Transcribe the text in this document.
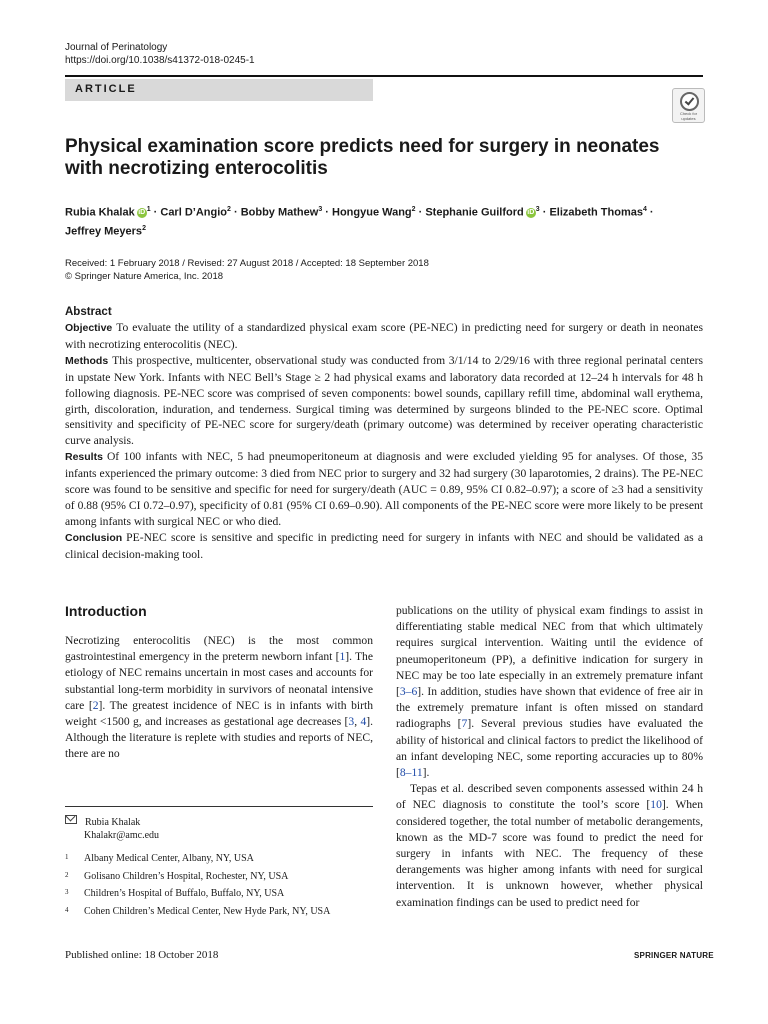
Journal of Perinatology
https://doi.org/10.1038/s41372-018-0245-1
ARTICLE
Check for updates
Physical examination score predicts need for surgery in neonates
with necrotizing enterocolitis
Rubia Khalak iD $^1$ · Carl D’Angio$^2$ · Bobby Mathew$^3$ · Hongyue Wang$^2$ · Stephanie Guilford iD $^3$ · Elizabeth Thomas$^4$ ·
Jeffrey Meyers$^2$
Received: 1 February 2018 / Revised: 27 August 2018 / Accepted: 18 September 2018
© Springer Nature America, Inc. 2018
Abstract

Objective To evaluate the utility of a standardized physical exam score (PE-NEC) in predicting need for surgery or death in neonates with necrotizing enterocolitis (NEC).

Methods This prospective, multicenter, observational study was conducted from 3/1/14 to 2/29/16 with three regional perinatal centers in upstate New York. Infants with NEC Bell’s Stage ≥ 2 had physical exams and laboratory data recorded at 12–24 h intervals for 48 h following diagnosis. PE-NEC score was comprised of seven components: bowel sounds, capillary refill time, abdominal wall erythema, girth, discoloration, induration, and tenderness. Surgical timing was determined by surgeons blinded to the PE-NEC score. Optimal sensitivity and specificity of PE-NEC score for surgery/death (primary outcome) was determined by receiver operating characteristic curve analysis.

Results Of 100 infants with NEC, 5 had pneumoperitoneum at diagnosis and were excluded yielding 95 for analyses. Of those, 35 infants experienced the primary outcome: 3 died from NEC prior to surgery and 32 had surgery (30 laparotomies, 2 drains). The PE-NEC score was found to be sensitive and specific for need for surgery/death (AUC = 0.89, 95% CI 0.82–0.97); a score of ≥3 had a sensitivity of 0.88 (95% CI 0.72–0.97), specificity of 0.81 (95% CI 0.69–0.90). All components of the PE-NEC score were more likely to be present among infants with surgical NEC or who died.

Conclusion PE-NEC score is sensitive and specific in predicting need for surgery in infants with NEC and should be validated as a clinical decision-making tool.

Introduction

Necrotizing enterocolitis (NEC) is the most common gastrointestinal emergency in the preterm newborn infant [1]. The etiology of NEC remains uncertain in most cases and accounts for substantial long-term morbidity in survivors of neonatal intensive care [2]. The greatest incidence of NEC is in infants with birth weight <1500 g, and increases as gestational age decreases [3, 4]. Although the literature is replete with studies and reports of NEC, there are no

publications on the utility of physical exam findings to assist in differentiating stable medical NEC from that which ultimately requires surgical intervention. Waiting until the evidence of pneumoperitoneum (PP), a definitive indication for surgery in NEC may be too late especially in an extremely premature infant [3–6]. In addition, studies have shown that evidence of free air in the extremely premature infant is often missed on standard radiographs [7]. Several previous studies have evaluated the ability of historical and clinical factors to predict the likelihood of an infant developing NEC, some reporting accuracies up to 80% [8–11].

Tepas et al. described seven components assessed within 24 h of NEC diagnosis to constitute the tool’s score [10]. When considered together, the total number of metabolic derangements, known as the MD-7 score was found to predict the need for surgery in infants with NEC. The frequency of these derangements was higher among infants with need for surgical intervention. It is unknown however, whether physical examination findings can be used to predict need for

Rubia Khalak
Khalakr@amc.edu
1 Albany Medical Center, Albany, NY, USA
2 Golisano Children’s Hospital, Rochester, NY, USA
3 Children’s Hospital of Buffalo, Buffalo, NY, USA
4 Cohen Children’s Medical Center, New Hyde Park, NY, USA
Published online: 18 October 2018	SPRINGER NATURE
